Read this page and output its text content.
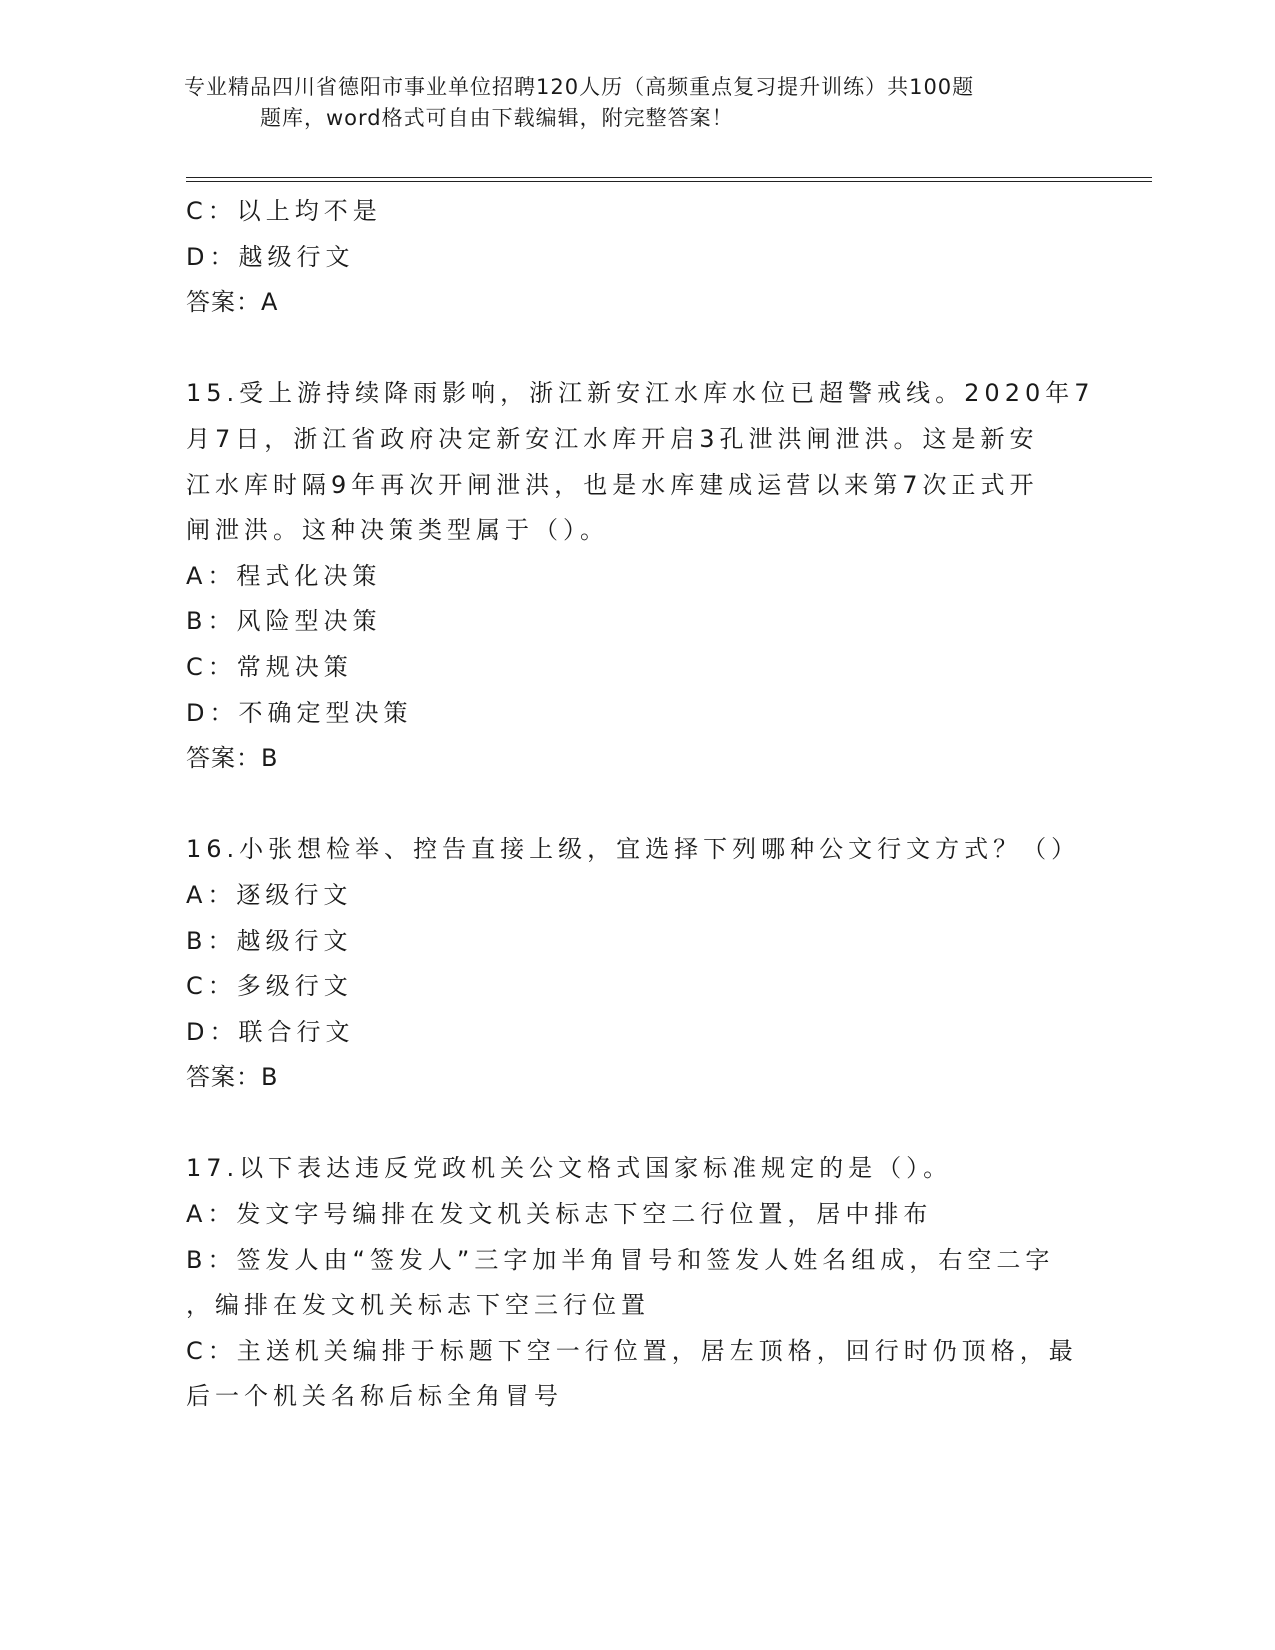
专业精品四川省德阳市事业单位招聘120人历（高频重点复习提升训练）共100题
题库，word格式可自由下载编辑，附完整答案！
C：以上均不是
D：越级行文
答案：A
15.受上游持续降雨影响，浙江新安江水库水位已超警戒线。2020年7
月7日，浙江省政府决定新安江水库开启3孔泄洪闸泄洪。这是新安
江水库时隔9年再次开闸泄洪，也是水库建成运营以来第7次正式开
闸泄洪。这种决策类型属于（）。
A：程式化决策
B：风险型决策
C：常规决策
D：不确定型决策
答案：B
16.小张想检举、控告直接上级，宜选择下列哪种公文行文方式？（）
A：逐级行文
B：越级行文
C：多级行文
D：联合行文
答案：B
17.以下表达违反党政机关公文格式国家标准规定的是（）。
A：发文字号编排在发文机关标志下空二行位置，居中排布
B：签发人由“签发人”三字加半角冒号和签发人姓名组成，右空二字
，编排在发文机关标志下空三行位置
C：主送机关编排于标题下空一行位置，居左顶格，回行时仍顶格，最
后一个机关名称后标全角冒号
